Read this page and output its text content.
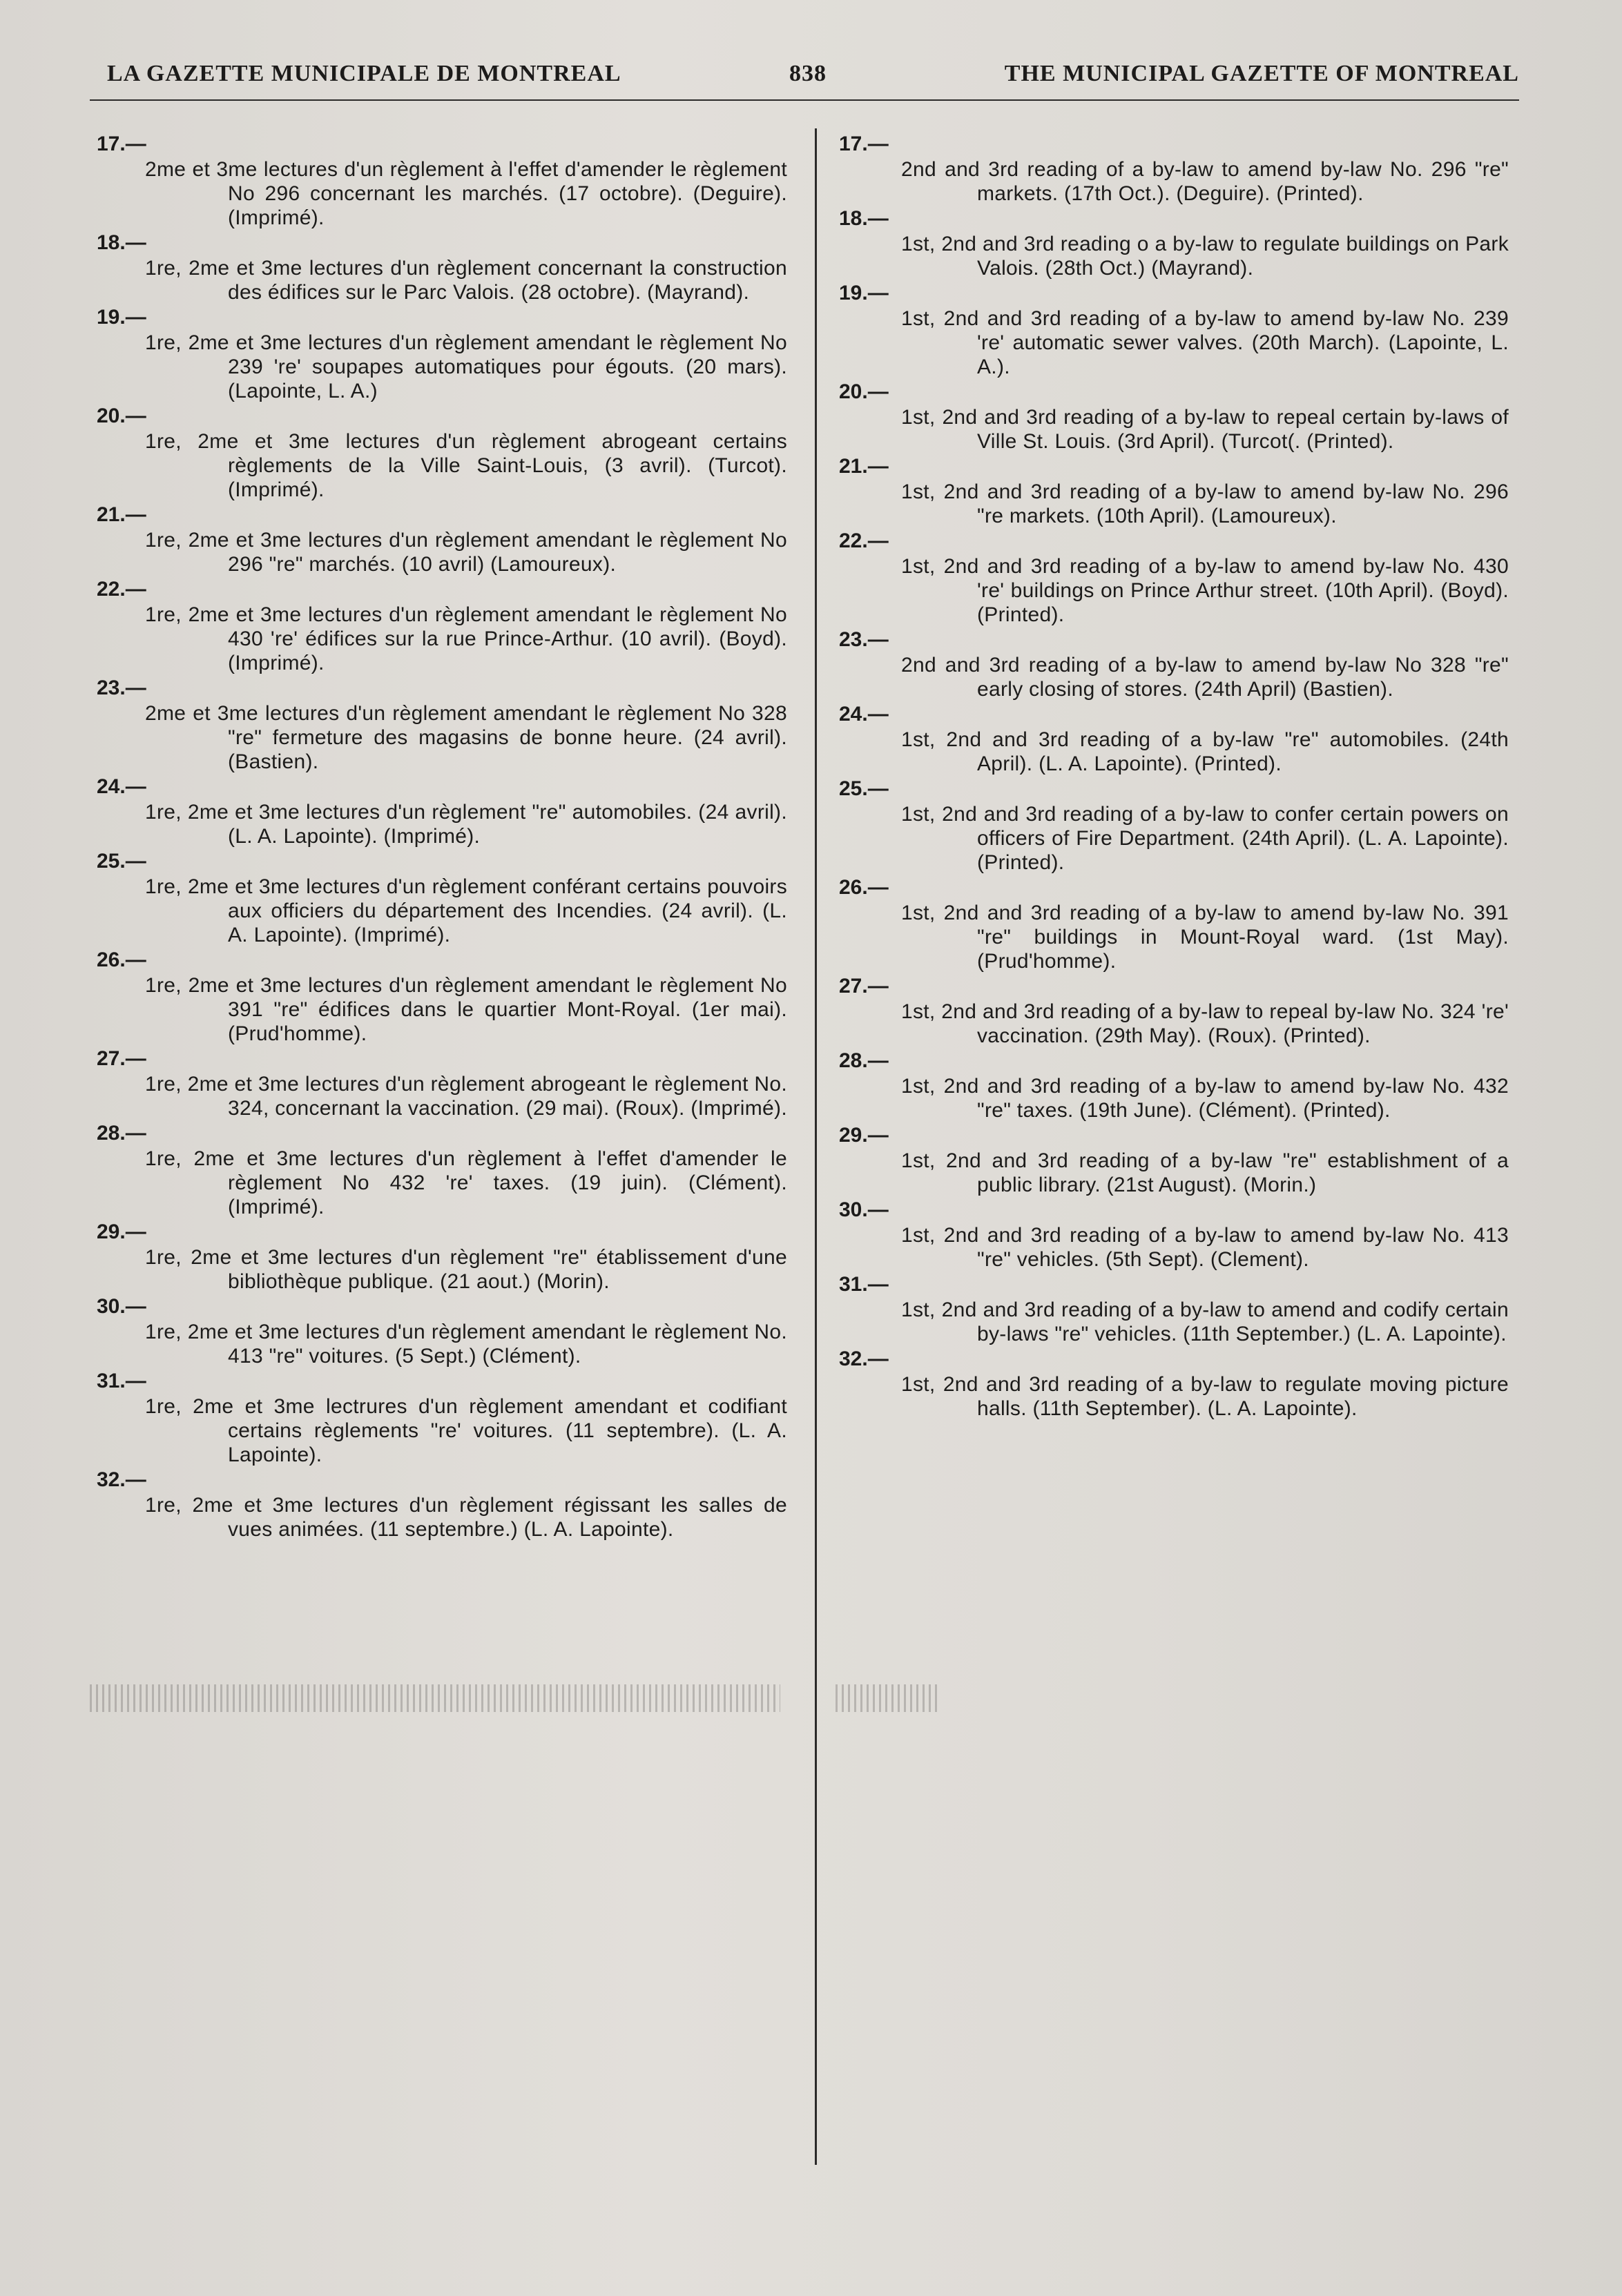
LA GAZETTE MUNICIPALE DE MONTREAL	838	THE MUNICIPAL GAZETTE OF MONTREAL
17.—
2me et 3me lectures d'un règlement à l'effet d'amender le règlement No 296 concernant les marchés. (17 octobre). (Deguire). (Imprimé).
18.—
1re, 2me et 3me lectures d'un règlement concernant la construction des édifices sur le Parc Valois. (28 octobre). (Mayrand).
19.—
1re, 2me et 3me lectures d'un règlement amendant le règlement No 239 're' soupapes automatiques pour égouts. (20 mars). (Lapointe, L. A.)
20.—
1re, 2me et 3me lectures d'un règlement abrogeant certains règlements de la Ville Saint-Louis, (3 avril). (Turcot). (Imprimé).
21.—
1re, 2me et 3me lectures d'un règlement amendant le règlement No 296 "re" marchés. (10 avril) (Lamoureux).
22.—
1re, 2me et 3me lectures d'un règlement amendant le règlement No 430 're' édifices sur la rue Prince-Arthur. (10 avril). (Boyd). (Imprimé).
23.—
2me et 3me lectures d'un règlement amendant le règlement No 328 "re" fermeture des magasins de bonne heure. (24 avril). (Bastien).
24.—
1re, 2me et 3me lectures d'un règlement "re" automobiles. (24 avril). (L. A. Lapointe). (Imprimé).
25.—
1re, 2me et 3me lectures d'un règlement conférant certains pouvoirs aux officiers du département des Incendies. (24 avril). (L. A. Lapointe). (Imprimé).
26.—
1re, 2me et 3me lectures d'un règlement amendant le règlement No 391 "re" édifices dans le quartier Mont-Royal. (1er mai). (Prud'homme).
27.—
1re, 2me et 3me lectures d'un règlement abrogeant le règlement No. 324, concernant la vaccination. (29 mai). (Roux). (Imprimé).
28.—
1re, 2me et 3me lectures d'un règlement à l'effet d'amender le règlement No 432 're' taxes. (19 juin). (Clément). (Imprimé).
29.—
1re, 2me et 3me lectures d'un règlement "re" établissement d'une bibliothèque publique. (21 aout.) (Morin).
30.—
1re, 2me et 3me lectures d'un règlement amendant le règlement No. 413 "re" voitures. (5 Sept.) (Clément).
31.—
1re, 2me et 3me lectrures d'un règlement amendant et codifiant certains règlements "re' voitures. (11 septembre). (L. A. Lapointe).
32.—
1re, 2me et 3me lectures d'un règlement régissant les salles de vues animées. (11 septembre.) (L. A. Lapointe).
17.—
2nd and 3rd reading of a by-law to amend by-law No. 296 "re" markets. (17th Oct.). (Deguire). (Printed).
18.—
1st, 2nd and 3rd reading o a by-law to regulate buildings on Park Valois. (28th Oct.) (Mayrand).
19.—
1st, 2nd and 3rd reading of a by-law to amend by-law No. 239 're' automatic sewer valves. (20th March). (Lapointe, L. A.).
20.—
1st, 2nd and 3rd reading of a by-law to repeal certain by-laws of Ville St. Louis. (3rd April). (Turcot(. (Printed).
21.—
1st, 2nd and 3rd reading of a by-law to amend by-law No. 296 "re markets. (10th April). (Lamoureux).
22.—
1st, 2nd and 3rd reading of a by-law to amend by-law No. 430 're' buildings on Prince Arthur street. (10th April). (Boyd). (Printed).
23.—
2nd and 3rd reading of a by-law to amend by-law No 328 "re" early closing of stores. (24th April) (Bastien).
24.—
1st, 2nd and 3rd reading of a by-law "re" automobiles. (24th April). (L. A. Lapointe). (Printed).
25.—
1st, 2nd and 3rd reading of a by-law to confer certain powers on officers of Fire Department. (24th April). (L. A. Lapointe). (Printed).
26.—
1st, 2nd and 3rd reading of a by-law to amend by-law No. 391 "re" buildings in Mount-Royal ward. (1st May). (Prud'homme).
27.—
1st, 2nd and 3rd reading of a by-law to repeal by-law No. 324 're' vaccination. (29th May). (Roux). (Printed).
28.—
1st, 2nd and 3rd reading of a by-law to amend by-law No. 432 "re" taxes. (19th June). (Clément). (Printed).
29.—
1st, 2nd and 3rd reading of a by-law "re" establishment of a public library. (21st August). (Morin.)
30.—
1st, 2nd and 3rd reading of a by-law to amend by-law No. 413 "re" vehicles. (5th Sept). (Clement).
31.—
1st, 2nd and 3rd reading of a by-law to amend and codify certain by-laws "re" vehicles. (11th September.) (L. A. Lapointe).
32.—
1st, 2nd and 3rd reading of a by-law to regulate moving picture halls. (11th September). (L. A. Lapointe).
